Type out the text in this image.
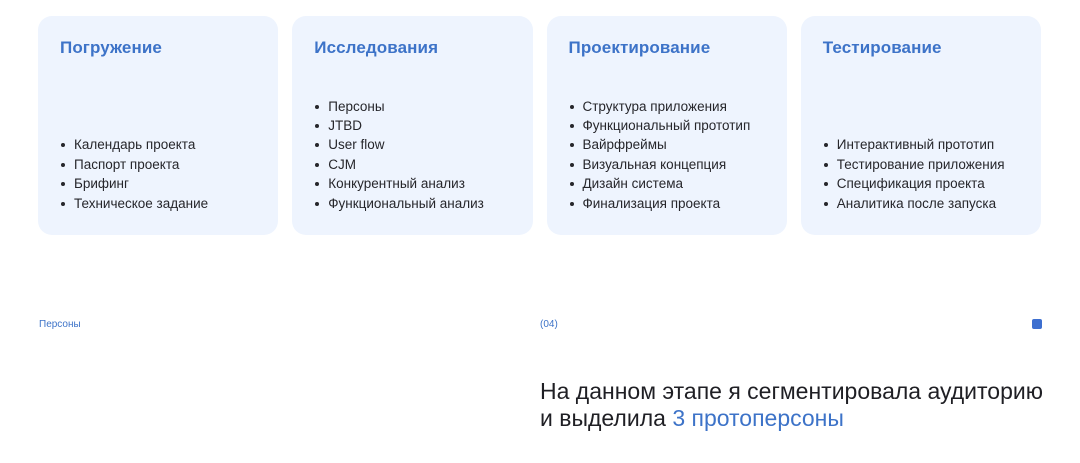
Погружение
Календарь проекта
Паспорт проекта
Брифинг
Техническое задание
Исследования
Персоны
JTBD
User flow
CJM
Конкурентный анализ
Функциональный анализ
Проектирование
Структура приложения
Функциональный прототип
Вайрфреймы
Визуальная концепция
Дизайн система
Финализация проекта
Тестирование
Интерактивный прототип
Тестирование приложения
Спецификация проекта
Аналитика после запуска
Персоны	(04)
На данном этапе я сегментировала аудиторию и выделила 3 протоперсоны
